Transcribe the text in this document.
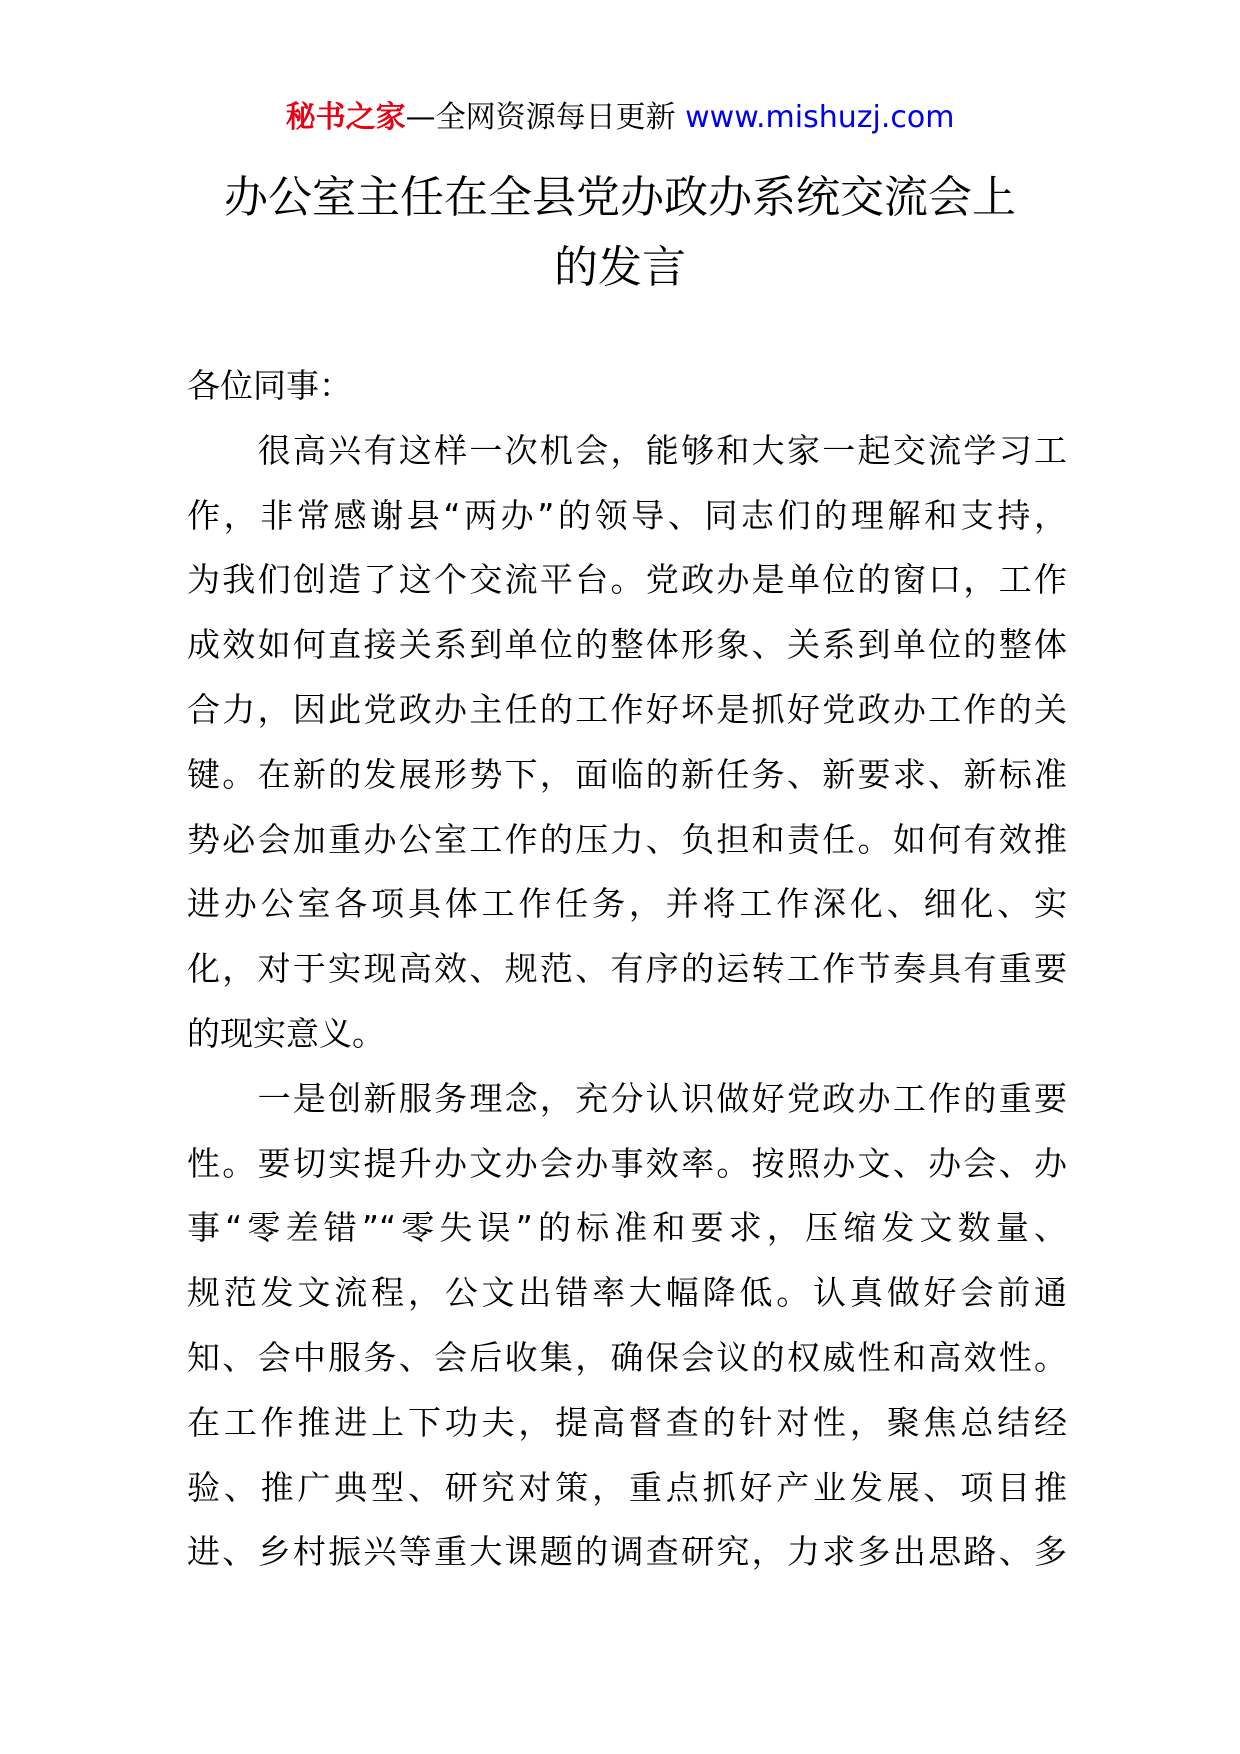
秘书之家—全网资源每日更新 www.mishuzj.com
办公室主任在全县党办政办系统交流会上
的发言
各位同事：
　　很高兴有这样一次机会，能够和大家一起交流学习工
作，非常感谢县“两办”的领导、同志们的理解和支持，
为我们创造了这个交流平台。党政办是单位的窗口，工作
成效如何直接关系到单位的整体形象、关系到单位的整体
合力，因此党政办主任的工作好坏是抓好党政办工作的关
键。在新的发展形势下，面临的新任务、新要求、新标准
势必会加重办公室工作的压力、负担和责任。如何有效推
进办公室各项具体工作任务，并将工作深化、细化、实
化，对于实现高效、规范、有序的运转工作节奏具有重要
的现实意义。
　　一是创新服务理念，充分认识做好党政办工作的重要
性。要切实提升办文办会办事效率。按照办文、办会、办
事“零差错”“零失误”的标准和要求，压缩发文数量、
规范发文流程，公文出错率大幅降低。认真做好会前通
知、会中服务、会后收集，确保会议的权威性和高效性。
在工作推进上下功夫，提高督查的针对性，聚焦总结经
验、推广典型、研究对策，重点抓好产业发展、项目推
进、乡村振兴等重大课题的调查研究，力求多出思路、多
